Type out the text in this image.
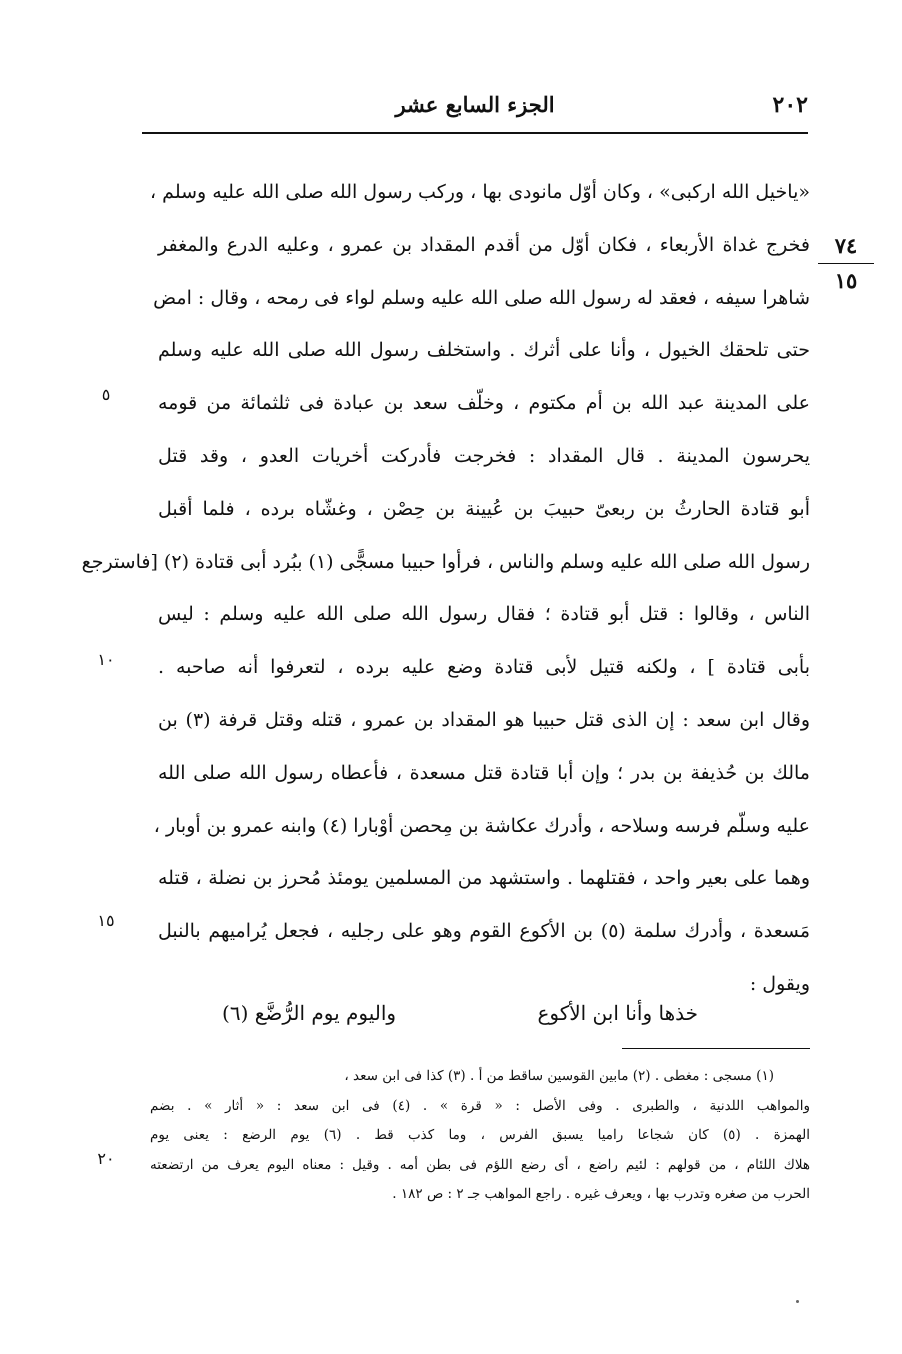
٢٠٢
الجزء السابع عشر
٧٤
١٥
«ياخيل الله اركبى» ، وكان أوّل مانودى بها ، وركب رسول الله صلى الله عليه وسلم ،
فخرج غداة الأربعاء ، فكان أوّل من أقدم المقداد بن عمرو ، وعليه الدرع والمغفر
شاهرا سيفه ، فعقد له رسول الله صلى الله عليه وسلم لواء فى رمحه ، وقال : امض
حتى تلحقك الخيول ، وأنا على أثرك . واستخلف رسول الله صلى الله عليه وسلم
على المدينة عبد الله بن أم مكتوم ، وخلّف سعد بن عبادة فى ثلثمائة من قومه
يحرسون المدينة . قال المقداد : فخرجت فأدركت أخريات العدو ، وقد قتل
أبو قتادة الحارثُ بن ربعىّ حبيبَ بن عُيينة بن حِصْن ، وغشّاه برده ، فلما أقبل
رسول الله صلى الله عليه وسلم والناس ، فرأوا حبيبا مسجًّى (١) ببُرد أبى قتادة (٢) [فاسترجع
الناس ، وقالوا : قتل أبو قتادة ؛ فقال رسول الله صلى الله عليه وسلم : ليس
بأبى قتادة ] ، ولكنه قتيل لأبى قتادة وضع عليه برده ، لتعرفوا أنه صاحبه .
وقال ابن سعد : إن الذى قتل حبيبا هو المقداد بن عمرو ، قتله وقتل قرفة (٣) بن
مالك بن حُذيفة بن بدر ؛ وإن أبا قتادة قتل مسعدة ، فأعطاه رسول الله صلى الله
عليه وسلّم فرسه وسلاحه ، وأدرك عكاشة بن مِحصن أوْبارا (٤) وابنه عمرو بن أوبار ،
وهما على بعير واحد ، فقتلهما . واستشهد من المسلمين يومئذ مُحرز بن نضلة ، قتله
مَسعدة ، وأدرك سلمة (٥) بن الأكوع القوم وهو على رجليه ، فجعل يُراميهم بالنبل
ويقول :
خذها وأنا ابن الأكوع
واليوم يوم الرُّضَّع (٦)
(١) مسجى : مغطى . (٢) مابين القوسين ساقط من أ . (٣) كذا فى ابن سعد ،
والمواهب اللدنية ، والطبرى . وفى الأصل : « قرة » . (٤) فى ابن سعد : « أثار » . بضم
الهمزة . (٥) كان شجاعا راميا يسبق الفرس ، وما كذب قط . (٦) يوم الرضع : يعنى يوم
هلاك اللئام ، من قولهم : لئيم راضع ، أى رضع اللؤم فى بطن أمه . وقيل : معناه اليوم يعرف من ارتضعته
الحرب من صغره وتدرب بها ، ويعرف غيره . راجع المواهب جـ ٢ : ص ١٨٢ .
٥
١٠
١٥
٢٠
